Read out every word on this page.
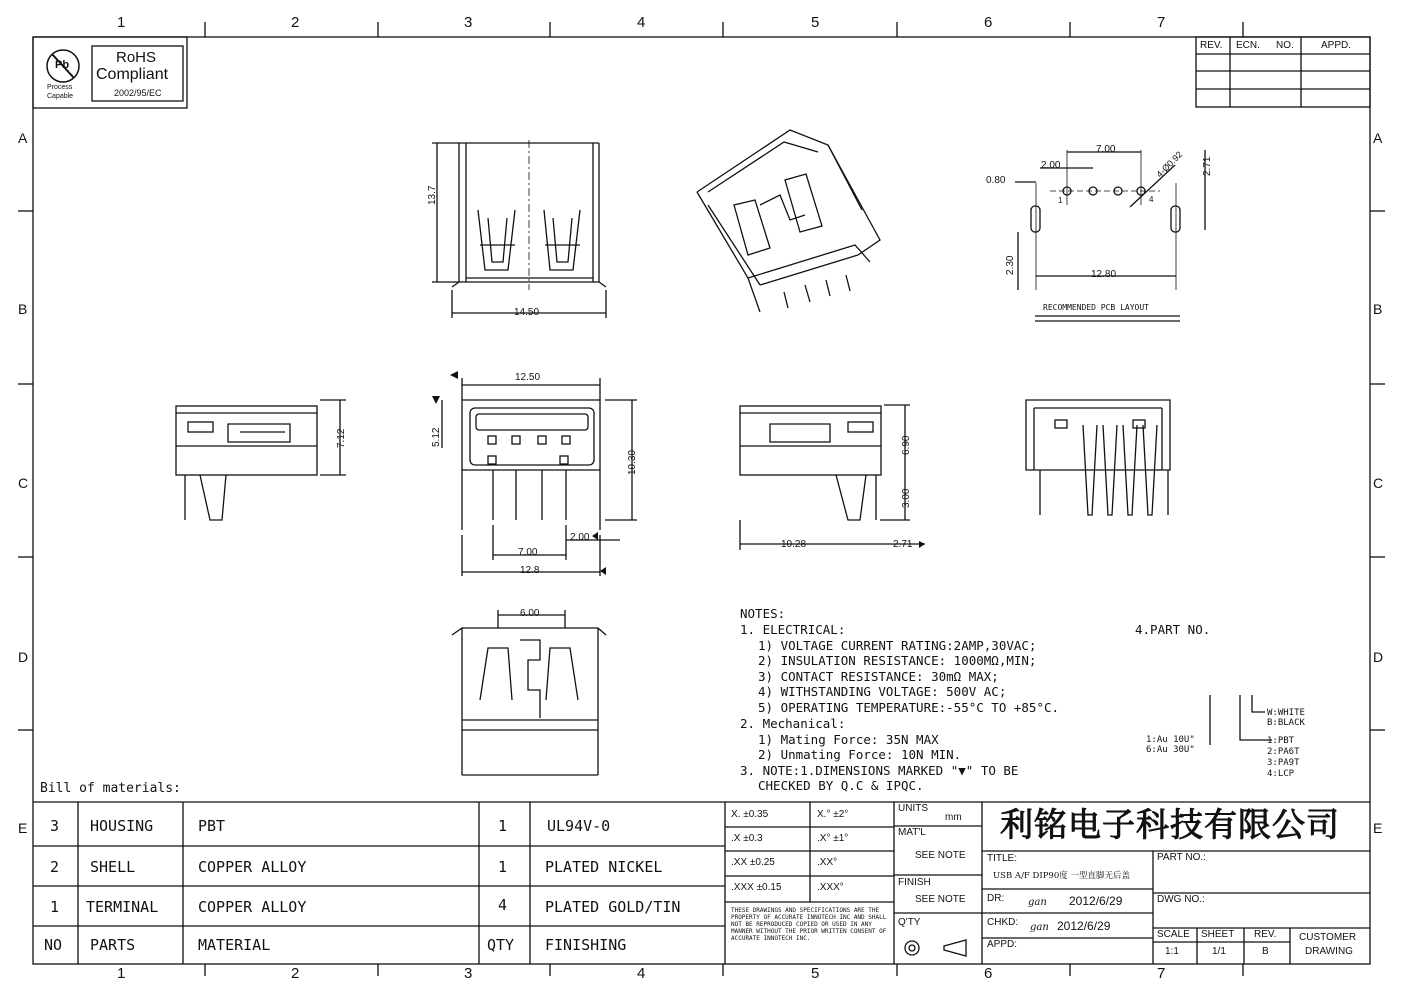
1	2	3	4	5	6	7
1	2	3	4	5	6	7
A
B
C
D
E
A
B
C
D
E
Pb
Process
Capable
RoHS
Compliant
2002/95/EC
REV. ECN. NO.	APPD.
13.7
14.50
12.50
5.12
10.30
7.00
2.00
12.8
7.12	6.90
3.00
10.28	2.71
6.00
7.00
2.00
0.80
4-Ø0.92 2.71
2.30	12.80
1	4
RECOMMENDED PCB LAYOUT
NOTES:
1. ELECTRICAL:
1) VOLTAGE CURRENT RATING:2AMP,30VAC;
2) INSULATION RESISTANCE: 1000MΩ,MIN;
3) CONTACT RESISTANCE: 30mΩ MAX;
4) WITHSTANDING VOLTAGE: 500V AC;
5) OPERATING TEMPERATURE:-55°C TO +85°C.
2. Mechanical:
1) Mating Force: 35N MAX
2) Unmating Force: 10N MIN.
3. NOTE:1.DIMENSIONS MARKED "▼" TO BE
CHECKED BY Q.C & IPQC.
4.PART NO.
W:WHITE
B:BLACK
1:Au 10U"
6:Au 30U"
1:PBT
2:PA6T
3:PA9T
4:LCP
Bill of materials:
3 HOUSING	PBT	1	UL94V-0
2 SHELL	COPPER ALLOY	1	PLATED NICKEL
1 TERMINAL	COPPER ALLOY	4	PLATED GOLD/TIN
NO PARTS	MATERIAL	QTY FINISHING
X. ±0.35	X.° ±2°
.X ±0.3	.X° ±1°
.XX ±0.25	.XX°
.XXX ±0.15	.XXX°
THESE DRAWINGS AND SPECIFICATIONS ARE THE PROPERTY OF ACCURATE INNOTECH INC AND SHALL NOT BE REPRODUCED COPIED OR USED IN ANY MANNER WITHOUT THE PRIOR WRITTEN CONSENT OF ACCURATE INNOTECH INC.
UNITS
mm
MAT'L
SEE NOTE
FINISH
SEE NOTE
Q'TY
利铭电子科技有限公司
TITLE:
USB A/F DIP90度 一型直脚无后盖
DR: gan 2012/6/29
CHKD: gan 2012/6/29
APPD:
PART NO.:
DWG NO.:
SCALE SHEET REV.
1:1	1/1	B
CUSTOMER
DRAWING
